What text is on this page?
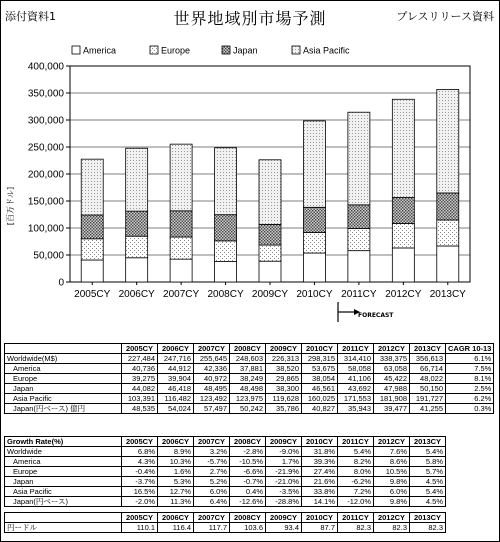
添付資料1	世界地域別市場予測	プレスリリース資料
America	Europe	Japan	Asia Pacific
0
50,000
100,000
150,000
200,000
250,000
300,000
350,000
400,000
2005CY 2006CY 2007CY 2008CY 2009CY 2010CY 2011CY 2012CY 2013CY
[百万ドル]
FORECAST
	2005CY	2006CY	2007CY	2008CY	2009CY	2010CY	2011CY	2012CY	2013CY	CAGR 10-13
Worldwide(M$)	227,484	247,716	255,645	248,603	226,313	298,315	314,410	338,375	356,613	6.1%
America	40,736	44,912	42,336	37,881	38,520	53,675	58,058	63,058	66,714	7.5%
Europe	39,275	39,904	40,972	38,249	29,865	38,054	41,106	45,422	48,022	8.1%
Japan	44,082	46,418	48,495	48,498	38,300	46,561	43,692	47,988	50,150	2.5%
Asia Pacific	103,391	116,482	123,492	123,975	119,628	160,025	171,553	181,908	191,727	6.2%
Japan(円ベース) 億円	48,535	54,024	57,497	50,242	35,786	40,827	35,943	39,477	41,255	0.3%
Growth Rate(%)	2005CY	2006CY	2007CY	2008CY	2009CY	2010CY	2011CY	2012CY	2013CY
Worldwide	6.8%	8.9%	3.2%	-2.8%	-9.0%	31.8%	5.4%	7.6%	5.4%
America	4.3%	10.3%	-5.7%	-10.5%	1.7%	39.3%	8.2%	8.6%	5.8%
Europe	-0.4%	1.6%	2.7%	-6.6%	-21.9%	27.4%	8.0%	10.5%	5.7%
Japan	-3.7%	5.3%	5.2%	-0.7%	-21.0%	21.6%	-6.2%	9.8%	4.5%
Asia Pacific	16.5%	12.7%	6.0%	0.4%	-3.5%	33.8%	7.2%	6.0%	5.4%
Japan(円ベース)	-2.0%	11.3%	6.4%	-12.6%	-28.8%	14.1%	-12.0%	9.8%	4.5%
	2005CY	2006CY	2007CY	2008CY	2009CY	2010CY	2011CY	2012CY	2013CY
円ードル	110.1	116.4	117.7	103.6	93.4	87.7	82.3	82.3	82.3
